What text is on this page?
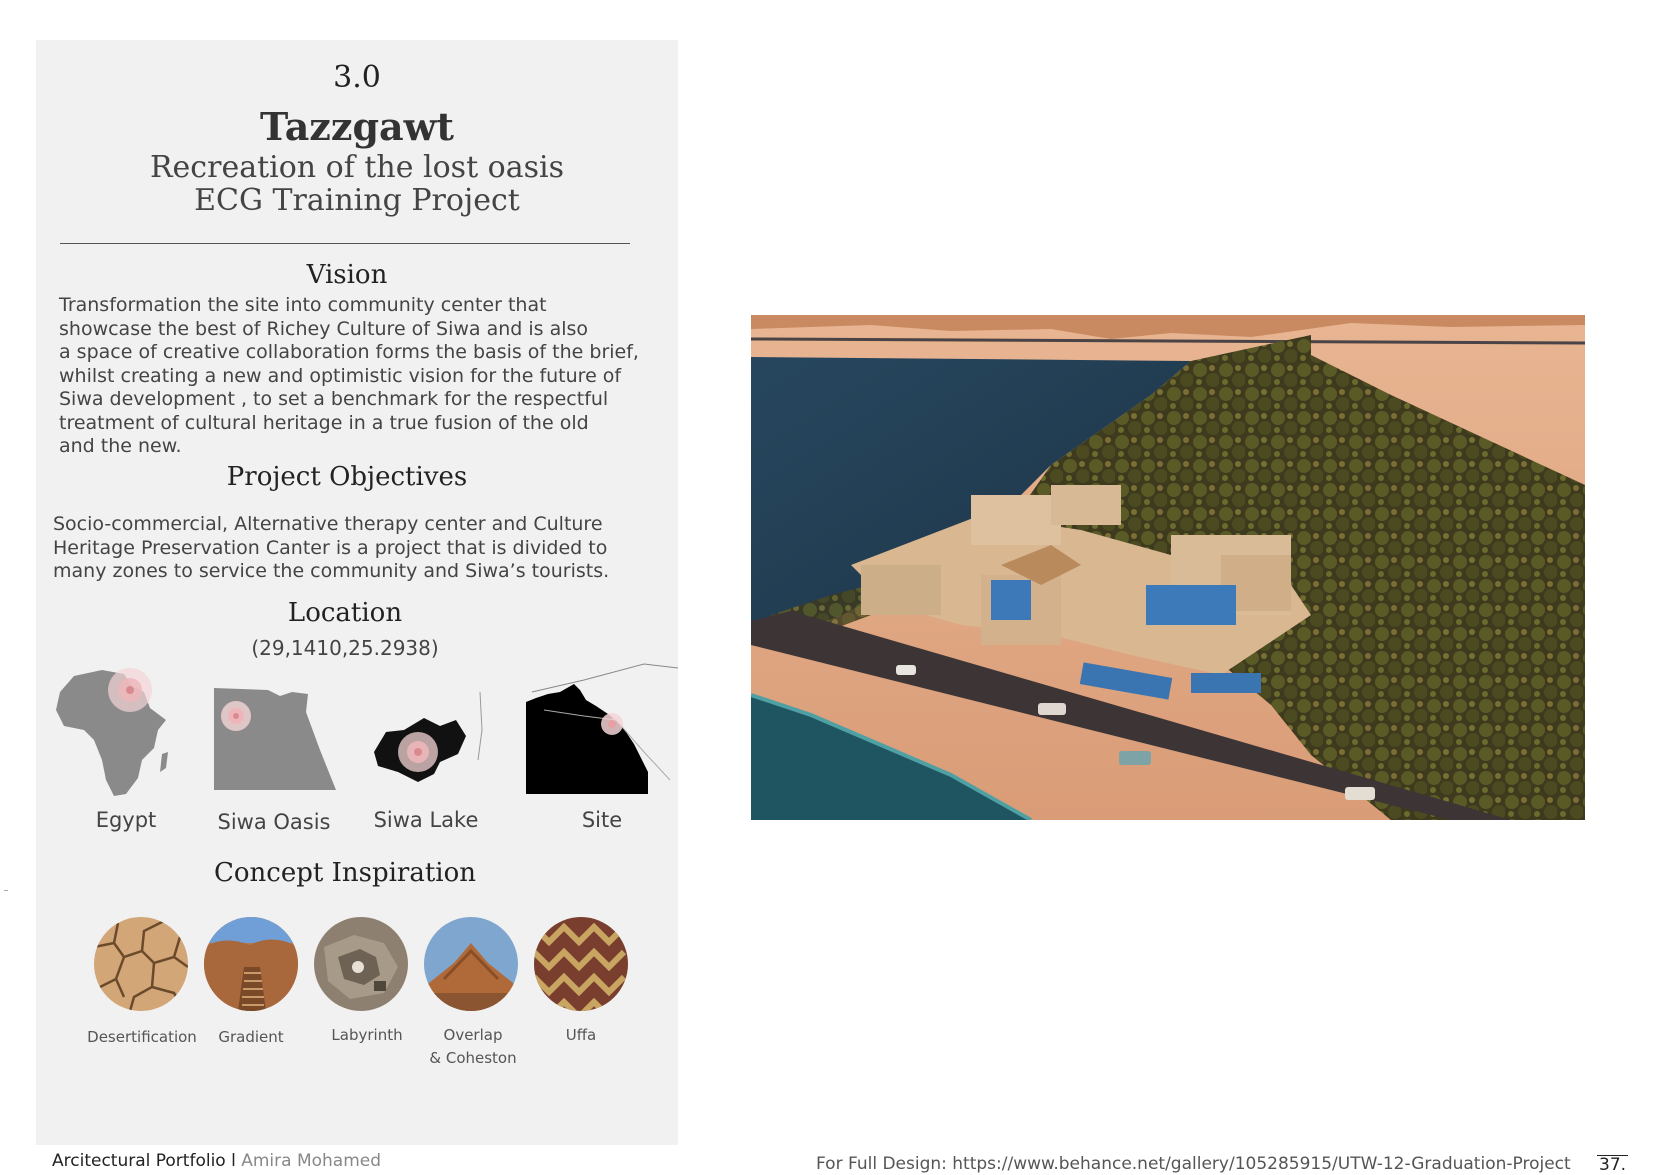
3.0
Tazzgawt
Recreation of the lost oasis
ECG Training Project
Vision
Transformation the site into community center that
showcase the best of Richey Culture of Siwa and is also
a space of creative collaboration forms the basis of the brief,
whilst creating a new and optimistic vision for the future of
Siwa development , to set a benchmark for the respectful
treatment of cultural heritage in a true fusion of the old
and the new.
Project Objectives
Socio-commercial, Alternative therapy center and Culture
Heritage Preservation Canter is a project that is divided to
many zones to service the community and Siwa’s tourists.
Location
(29,1410,25.2938)
Egypt	Siwa Oasis	Siwa Lake	Site
Concept Inspiration
Desertification	Gradient	Labyrinth	Overlap
& Coheston
Uffa
Arcitectural Portfolio l Amira Mohamed	For Full Design: https://www.behance.net/gallery/105285915/UTW-12-Graduation-Project 37.
